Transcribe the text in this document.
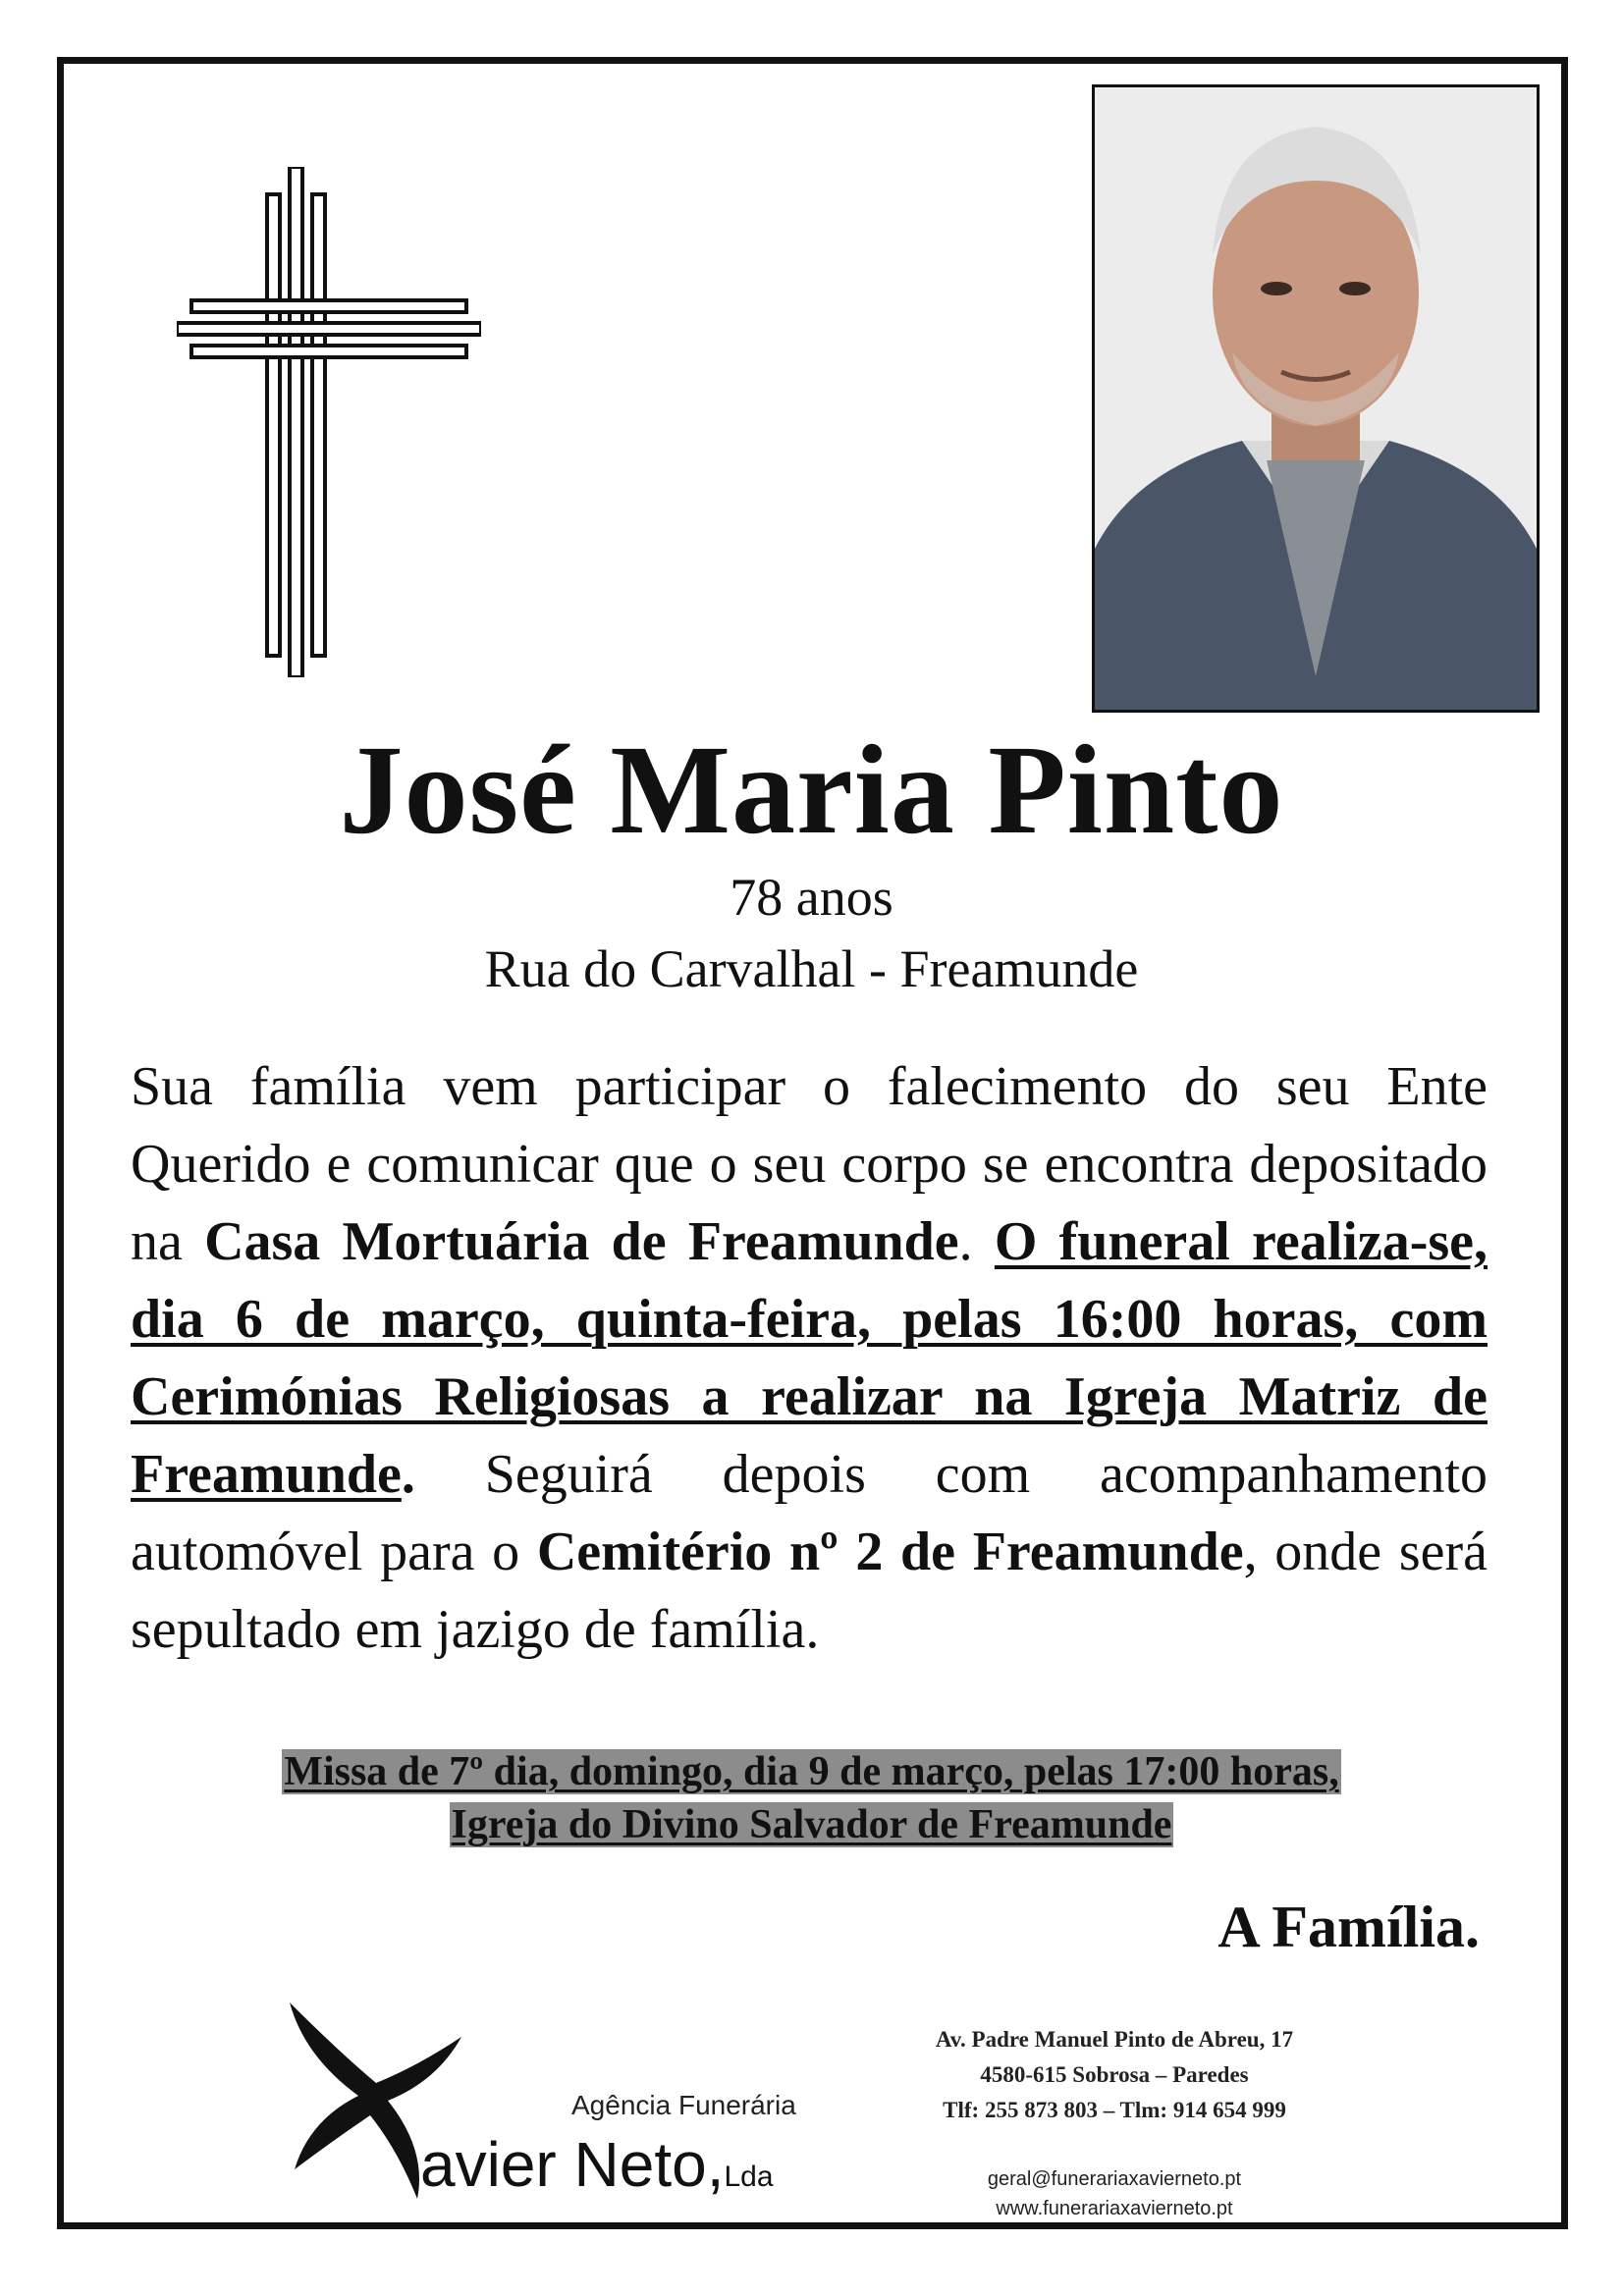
José Maria Pinto
78 anos
Rua do Carvalhal - Freamunde
Sua família vem participar o falecimento do seu Ente Querido e comunicar que o seu corpo se encontra depositado na Casa Mortuária de Freamunde. O funeral realiza-se, dia 6 de março, quinta-feira, pelas 16:00 horas, com Cerimónias Religiosas a realizar na Igreja Matriz de Freamunde. Seguirá depois com acompanhamento automóvel para o Cemitério nº 2 de Freamunde, onde será sepultado em jazigo de família.
Missa de 7º dia, domingo, dia 9 de março, pelas 17:00 horas,
Igreja do Divino Salvador de Freamunde
A Família.
Agência Funerária
avier Neto,Lda
Av. Padre Manuel Pinto de Abreu, 17
4580-615 Sobrosa – Paredes
Tlf: 255 873 803 – Tlm: 914 654 999
geral@funerariaxavierneto.pt
www.funerariaxavierneto.pt
